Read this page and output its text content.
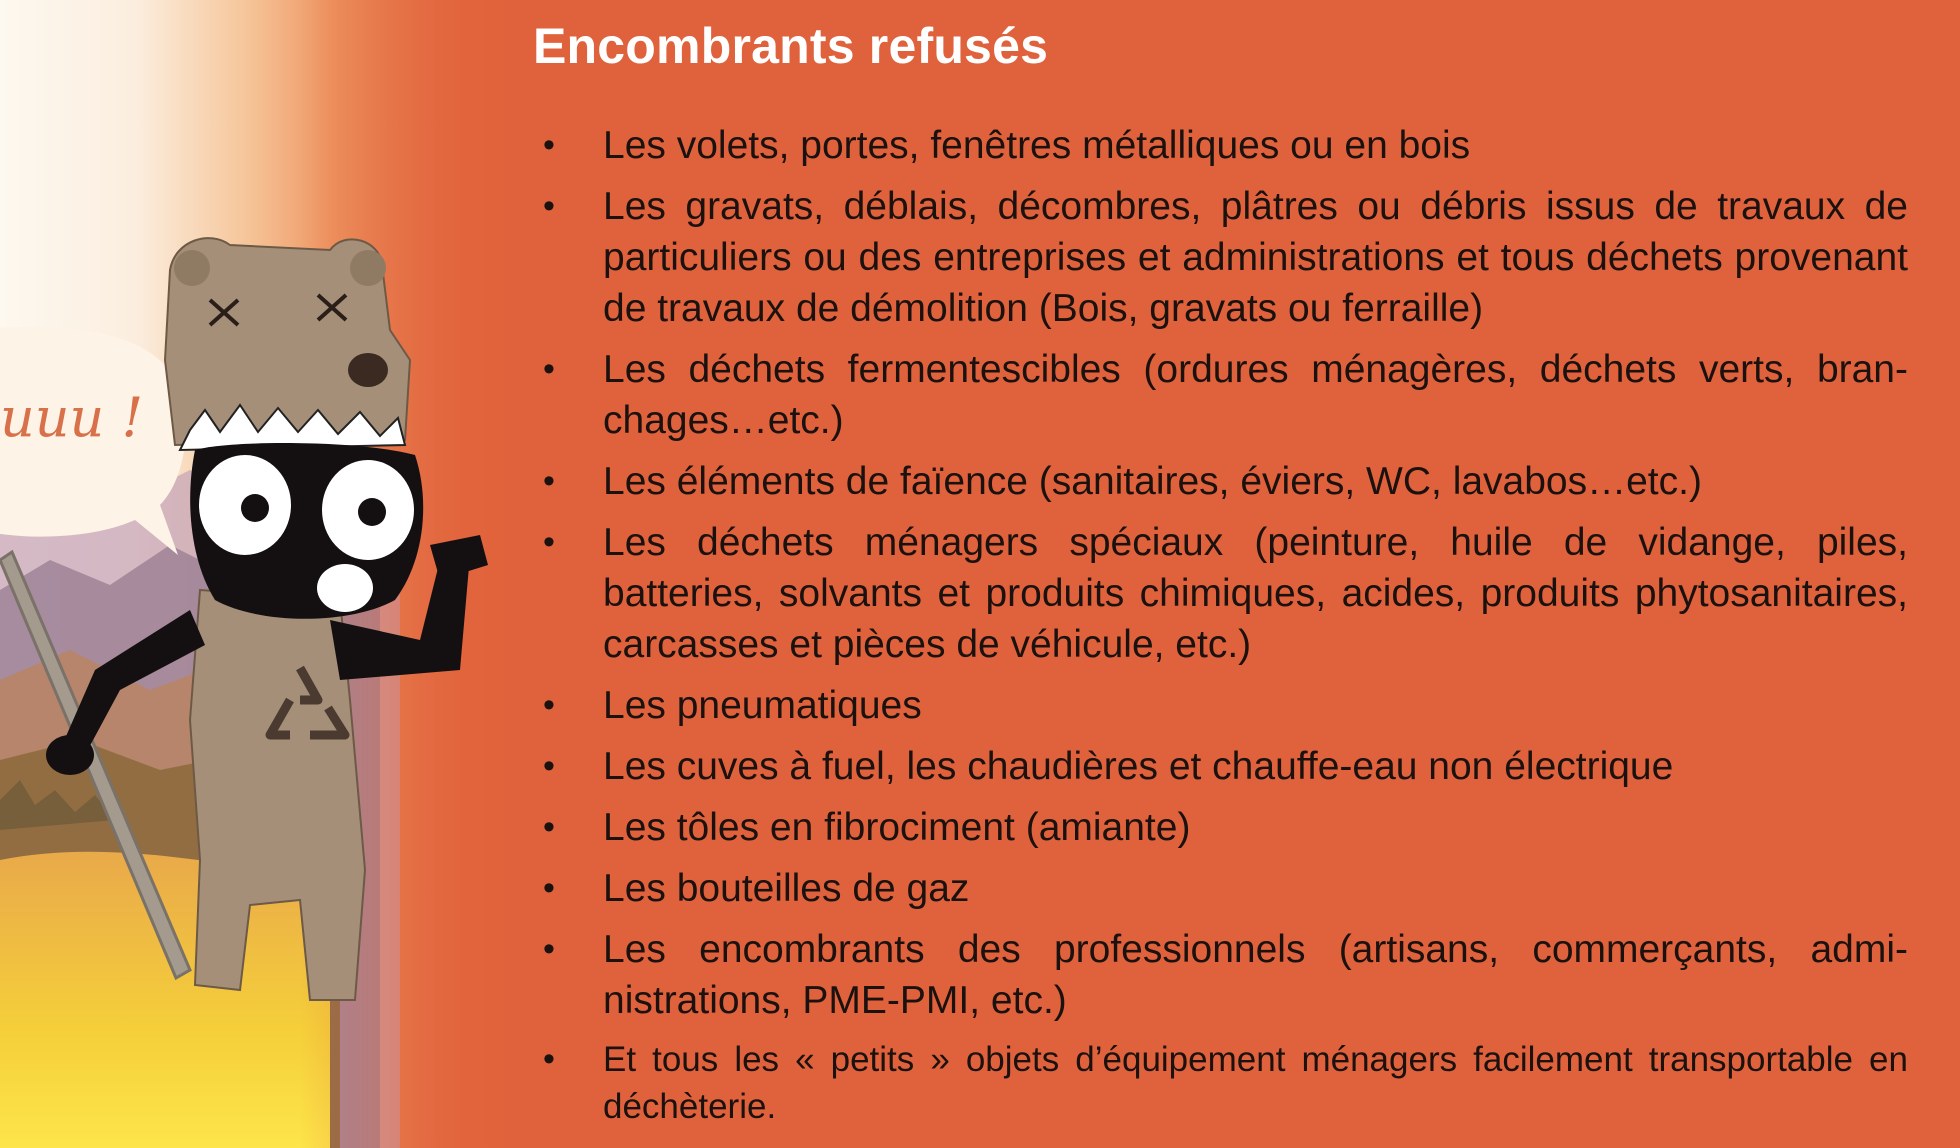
uuu !
Encombrants refusés
• Les volets, portes, fenêtres métalliques ou en bois
• Les gravats, déblais, décombres, plâtres ou débris issus de travaux de particuliers ou des entreprises et administrations et tous déchets provenant de travaux de démolition (Bois, gravats ou ferraille)
• Les déchets fermentescibles (ordures ménagères, déchets verts, branchages…etc.)
• Les éléments de faïence (sanitaires, éviers, WC, lavabos…etc.)
• Les déchets ménagers spéciaux (peinture, huile de vidange, piles, batteries, solvants et produits chimiques, acides, produits phytosanitaires, carcasses et pièces de véhicule, etc.)
• Les pneumatiques
• Les cuves à fuel, les chaudières et chauffe-eau non électrique
• Les tôles en fibrociment (amiante)
• Les bouteilles de gaz
• Les encombrants des professionnels (artisans, commerçants, administrations, PME-PMI, etc.)
• Et tous les « petits » objets d’équipement ménagers facilement transportable en déchèterie.
